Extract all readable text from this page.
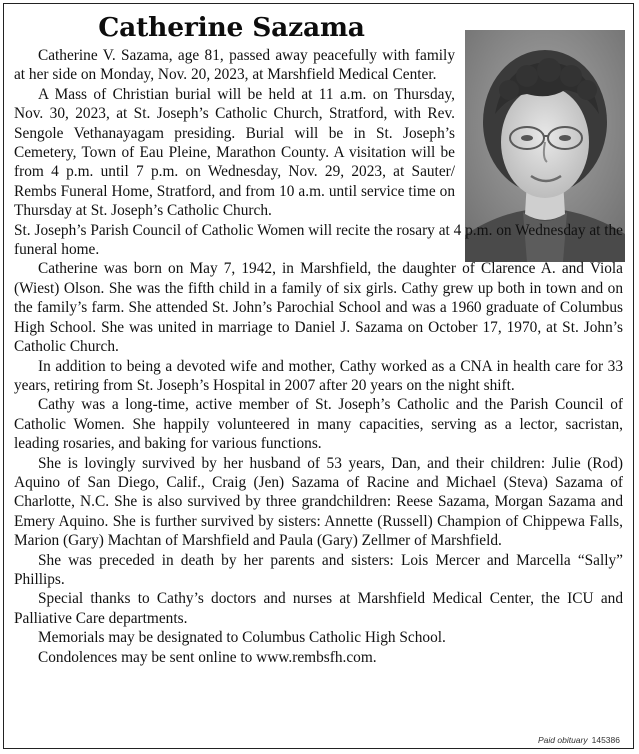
Catherine Sazama

Catherine V. Sazama, age 81, passed away peacefully with family at her side on Monday, Nov. 20, 2023, at Marshfield Medical Center.

A Mass of Christian burial will be held at 11 a.m. on Thursday, Nov. 30, 2023, at St. Joseph’s Catholic Church, Stratford, with Rev. Sengole Vethanayagam presiding. Burial will be in St. Joseph’s Cemetery, Town of Eau Pleine, Marathon County. A visitation will be from 4 p.m. until 7 p.m. on Wednesday, Nov. 29, 2023, at Sauter/ Rembs Funeral Home, Stratford, and from 10 a.m. until service time on Thursday at St. Joseph’s Catholic Church.

St. Joseph’s Parish Council of Catholic Women will recite the rosary at 4 p.m. on Wednesday at the funeral home.

Catherine was born on May 7, 1942, in Marshfield, the daughter of Clarence A. and Viola (Wiest) Olson. She was the fifth child in a family of six girls. Cathy grew up both in town and on the family’s farm. She attended St. John’s Parochial School and was a 1960 graduate of Columbus High School. She was united in marriage to Daniel J. Sazama on October 17, 1970, at St. John’s Catholic Church.

In addition to being a devoted wife and mother, Cathy worked as a CNA in health care for 33 years, retiring from St. Joseph’s Hospital in 2007 after 20 years on the night shift.

Cathy was a long-time, active member of St. Joseph’s Catholic and the Parish Council of Catholic Women. She happily volunteered in many capacities, serving as a lector, sacristan, leading rosaries, and baking for various functions.

She is lovingly survived by her husband of 53 years, Dan, and their children: Julie (Rod) Aquino of San Diego, Calif., Craig (Jen) Sazama of Racine and Michael (Steva) Sazama of Charlotte, N.C. She is also survived by three grandchildren: Reese Sazama, Morgan Sazama and Emery Aquino. She is further survived by sisters: Annette (Russell) Champion of Chippewa Falls, Marion (Gary) Machtan of Marshfield and Paula (Gary) Zellmer of Marshfield.

She was preceded in death by her parents and sisters: Lois Mercer and Marcella “Sally” Phillips.

Special thanks to Cathy’s doctors and nurses at Marshfield Medical Center, the ICU and Palliative Care departments.

Memorials may be designated to Columbus Catholic High School.

Condolences may be sent online to www.rembsfh.com.

Paid obituary 145386
